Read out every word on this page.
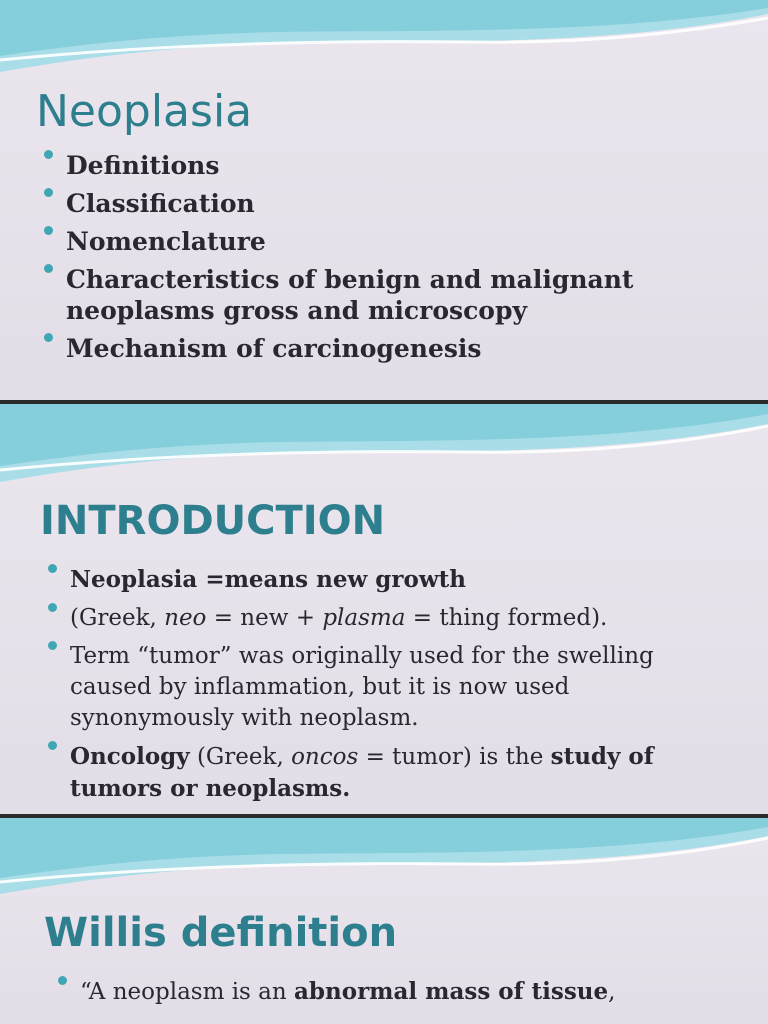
Neoplasia
Definitions
Classification
Nomenclature
Characteristics of benign and malignant neoplasms gross and microscopy
Mechanism of carcinogenesis
INTRODUCTION
Neoplasia =means new growth
(Greek, neo = new + plasma = thing formed).
Term “tumor” was originally used for the swelling caused by inflammation, but it is now used synonymously with neoplasm.
Oncology (Greek, oncos = tumor) is the study of tumors or neoplasms.
Willis definition
“A neoplasm is an abnormal mass of tissue,
